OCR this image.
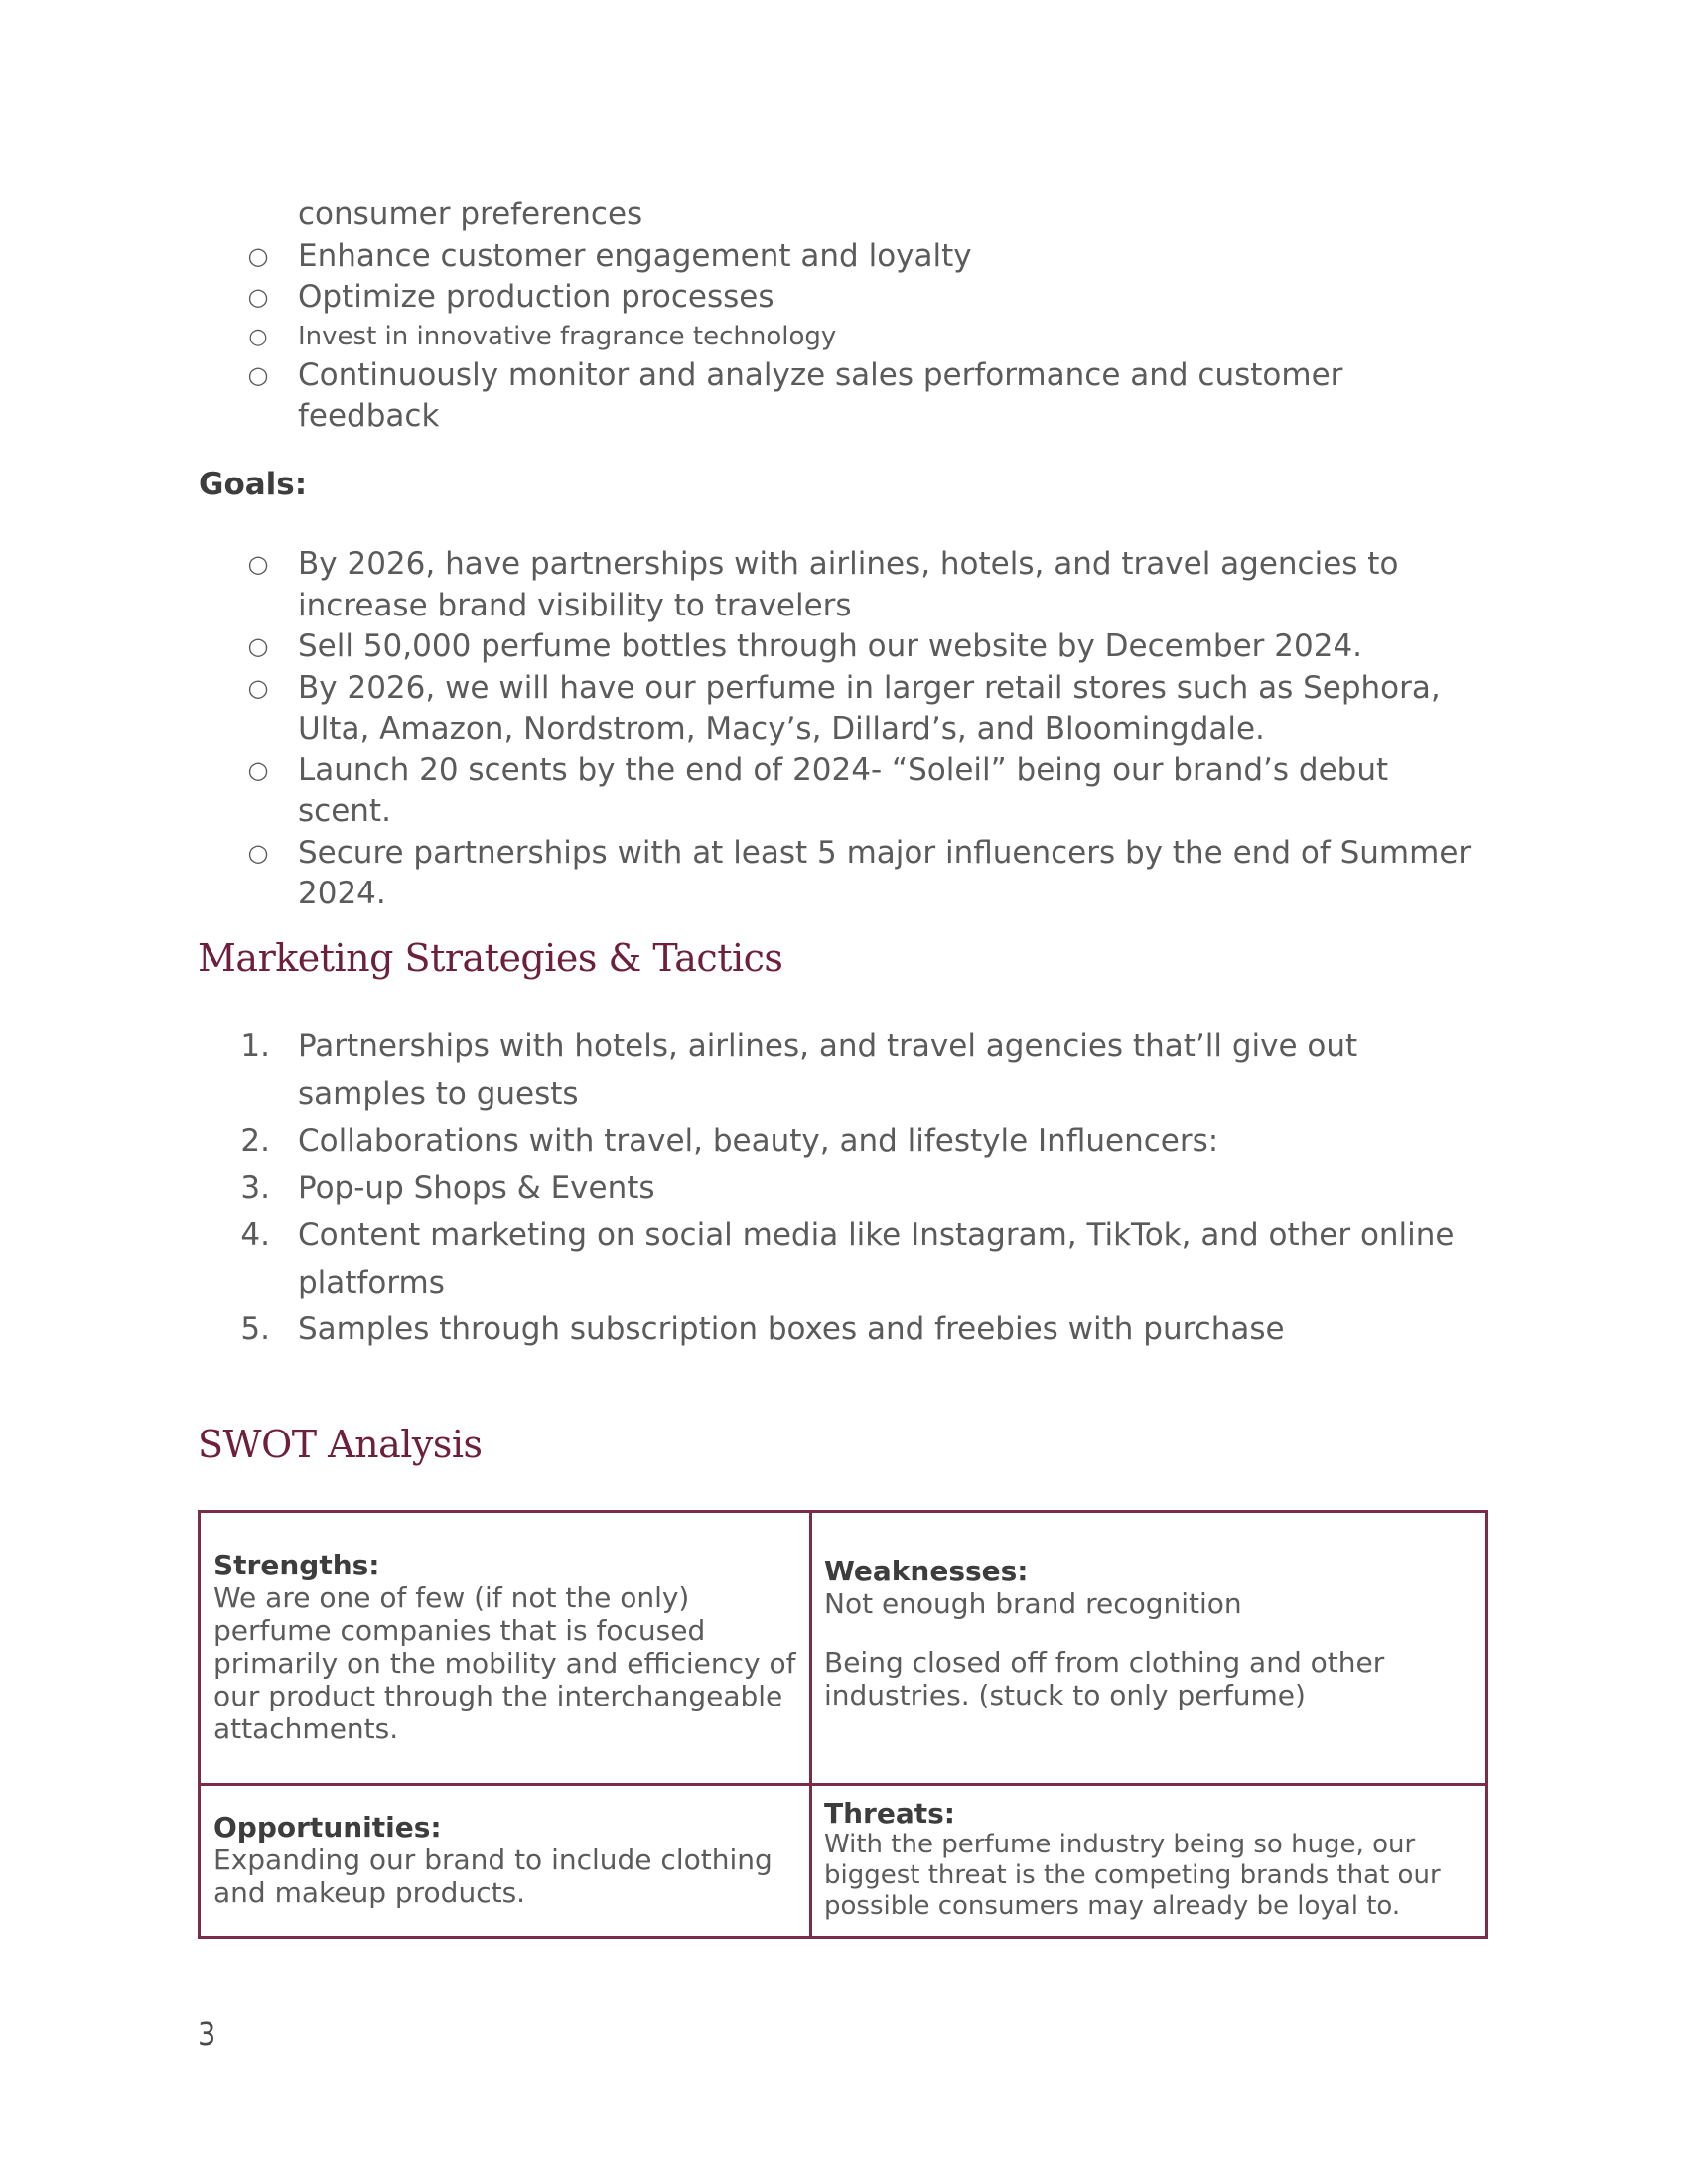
consumer preferences
○ Enhance customer engagement and loyalty
○ Optimize production processes
○ Invest in innovative fragrance technology
○ Continuously monitor and analyze sales performance and customer feedback
Goals:
○ By 2026, have partnerships with airlines, hotels, and travel agencies to increase brand visibility to travelers
○ Sell 50,000 perfume bottles through our website by December 2024.
○ By 2026, we will have our perfume in larger retail stores such as Sephora, Ulta, Amazon, Nordstrom, Macy’s, Dillard’s, and Bloomingdale.
○ Launch 20 scents by the end of 2024- “Soleil” being our brand’s debut scent.
○ Secure partnerships with at least 5 major influencers by the end of Summer 2024.
Marketing Strategies & Tactics
1. Partnerships with hotels, airlines, and travel agencies that’ll give out samples to guests
2. Collaborations with travel, beauty, and lifestyle Influencers:
3. Pop-up Shops & Events
4. Content marketing on social media like Instagram, TikTok, and other online platforms
5. Samples through subscription boxes and freebies with purchase
SWOT Analysis
Strengths:
We are one of few (if not the only) perfume companies that is focused primarily on the mobility and efficiency of our product through the interchangeable attachments.
Weaknesses:
Not enough brand recognition
Being closed off from clothing and other industries. (stuck to only perfume)
Opportunities:
Expanding our brand to include clothing and makeup products.
Threats:
With the perfume industry being so huge, our biggest threat is the competing brands that our possible consumers may already be loyal to.
3
